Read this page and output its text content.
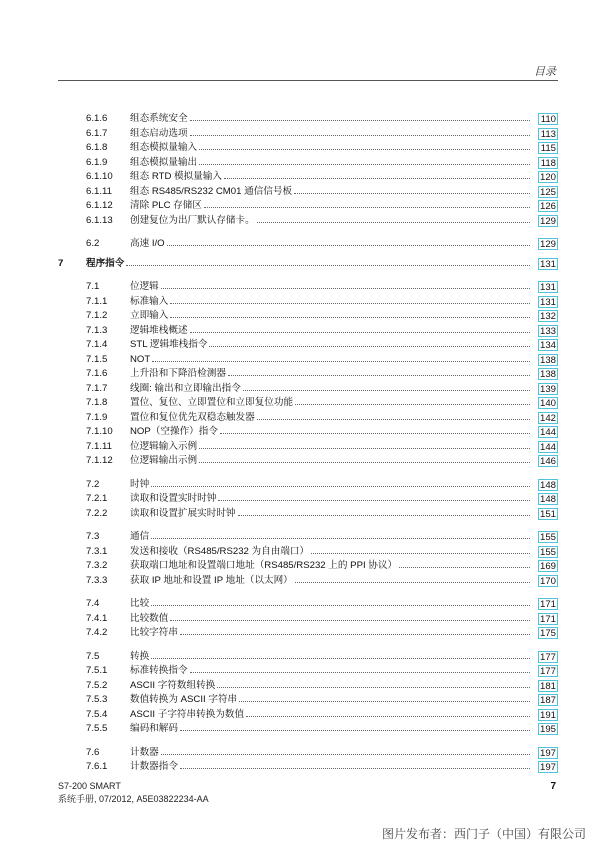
目录
6.1.6 组态系统安全	110
6.1.7 组态启动选项	113
6.1.8 组态模拟量输入	115
6.1.9 组态模拟量输出	118
6.1.10 组态 RTD 模拟量输入	120
6.1.11 组态 RS485/RS232 CM01 通信信号板	125
6.1.12 清除 PLC 存储区	126
6.1.13 创建复位为出厂默认存储卡。	129
6.2	高速 I/O	129
7 程序指令	131
7.1	位逻辑	131
7.1.1 标准输入	131
7.1.2 立即输入	132
7.1.3 逻辑堆栈概述	133
7.1.4 STL 逻辑堆栈指令	134
7.1.5 NOT	138
7.1.6 上升沿和下降沿检测器	138
7.1.7 线圈: 输出和立即输出指令	139
7.1.8 置位、复位、立即置位和立即复位功能	140
7.1.9 置位和复位优先双稳态触发器	142
7.1.10 NOP（空操作）指令	144
7.1.11 位逻辑输入示例	144
7.1.12 位逻辑输出示例	146
7.2	时钟	148
7.2.1 读取和设置实时时钟	148
7.2.2 读取和设置扩展实时时钟	151
7.3	通信	155
7.3.1 发送和接收（RS485/RS232 为自由端口）	155
7.3.2 获取端口地址和设置端口地址（RS485/RS232 上的 PPI 协议）	169
7.3.3 获取 IP 地址和设置 IP 地址（以太网）	170
7.4	比较	171
7.4.1 比较数值	171
7.4.2 比较字符串	175
7.5	转换	177
7.5.1 标准转换指令	177
7.5.2 ASCII 字符数组转换	181
7.5.3 数值转换为 ASCII 字符串	187
7.5.4 ASCII 子字符串转换为数值	191
7.5.5 编码和解码	195
7.6	计数器	197
7.6.1 计数器指令	197
S7-200 SMART
系统手册, 07/2012, A5E03822234-AA
7
图片发布者：西门子（中国）有限公司
